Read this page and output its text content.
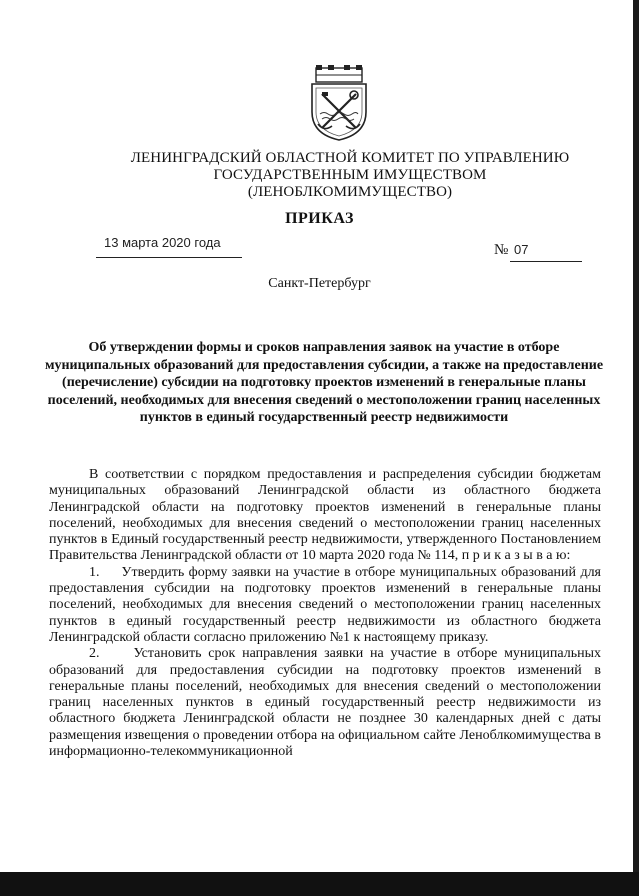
ЛЕНИНГРАДСКИЙ ОБЛАСТНОЙ КОМИТЕТ ПО УПРАВЛЕНИЮ
ГОСУДАРСТВЕННЫМ ИМУЩЕСТВОМ
(ЛЕНОБЛКОМИМУЩЕСТВО)
ПРИКАЗ
13 марта 2020 года	№ 07
Санкт-Петербург
Об утверждении формы и сроков направления заявок на участие в отборе муниципальных образований для предоставления субсидии, а также на предоставление (перечисление) субсидии на подготовку проектов изменений в генеральные планы поселений, необходимых для внесения сведений о местоположении границ населенных пунктов в единый государственный реестр недвижимости

В соответствии с порядком предоставления и распределения субсидии бюджетам муниципальных образований Ленинградской области из областного бюджета Ленинградской области на подготовку проектов изменений в генеральные планы поселений, необходимых для внесения сведений о местоположении границ населенных пунктов в Единый государственный реестр недвижимости, утвержденного Постановлением Правительства Ленинградской области от 10 марта 2020 года № 114, п р и к а з ы в а ю:

1.     Утвердить форму заявки на участие в отборе муниципальных образований для предоставления субсидии на подготовку проектов изменений в генеральные планы поселений, необходимых для внесения сведений о местоположении границ населенных пунктов в единый государственный реестр недвижимости из областного бюджета Ленинградской области согласно приложению №1 к настоящему приказу.

2.     Установить срок направления заявки на участие в отборе муниципальных образований для предоставления субсидии на подготовку проектов изменений в генеральные планы поселений, необходимых для внесения сведений о местоположении границ населенных пунктов в единый государственный реестр недвижимости из областного бюджета Ленинградской области не позднее 30 календарных дней с даты размещения извещения о проведении отбора на официальном сайте Леноблкомимущества в информационно-телекоммуникационной
